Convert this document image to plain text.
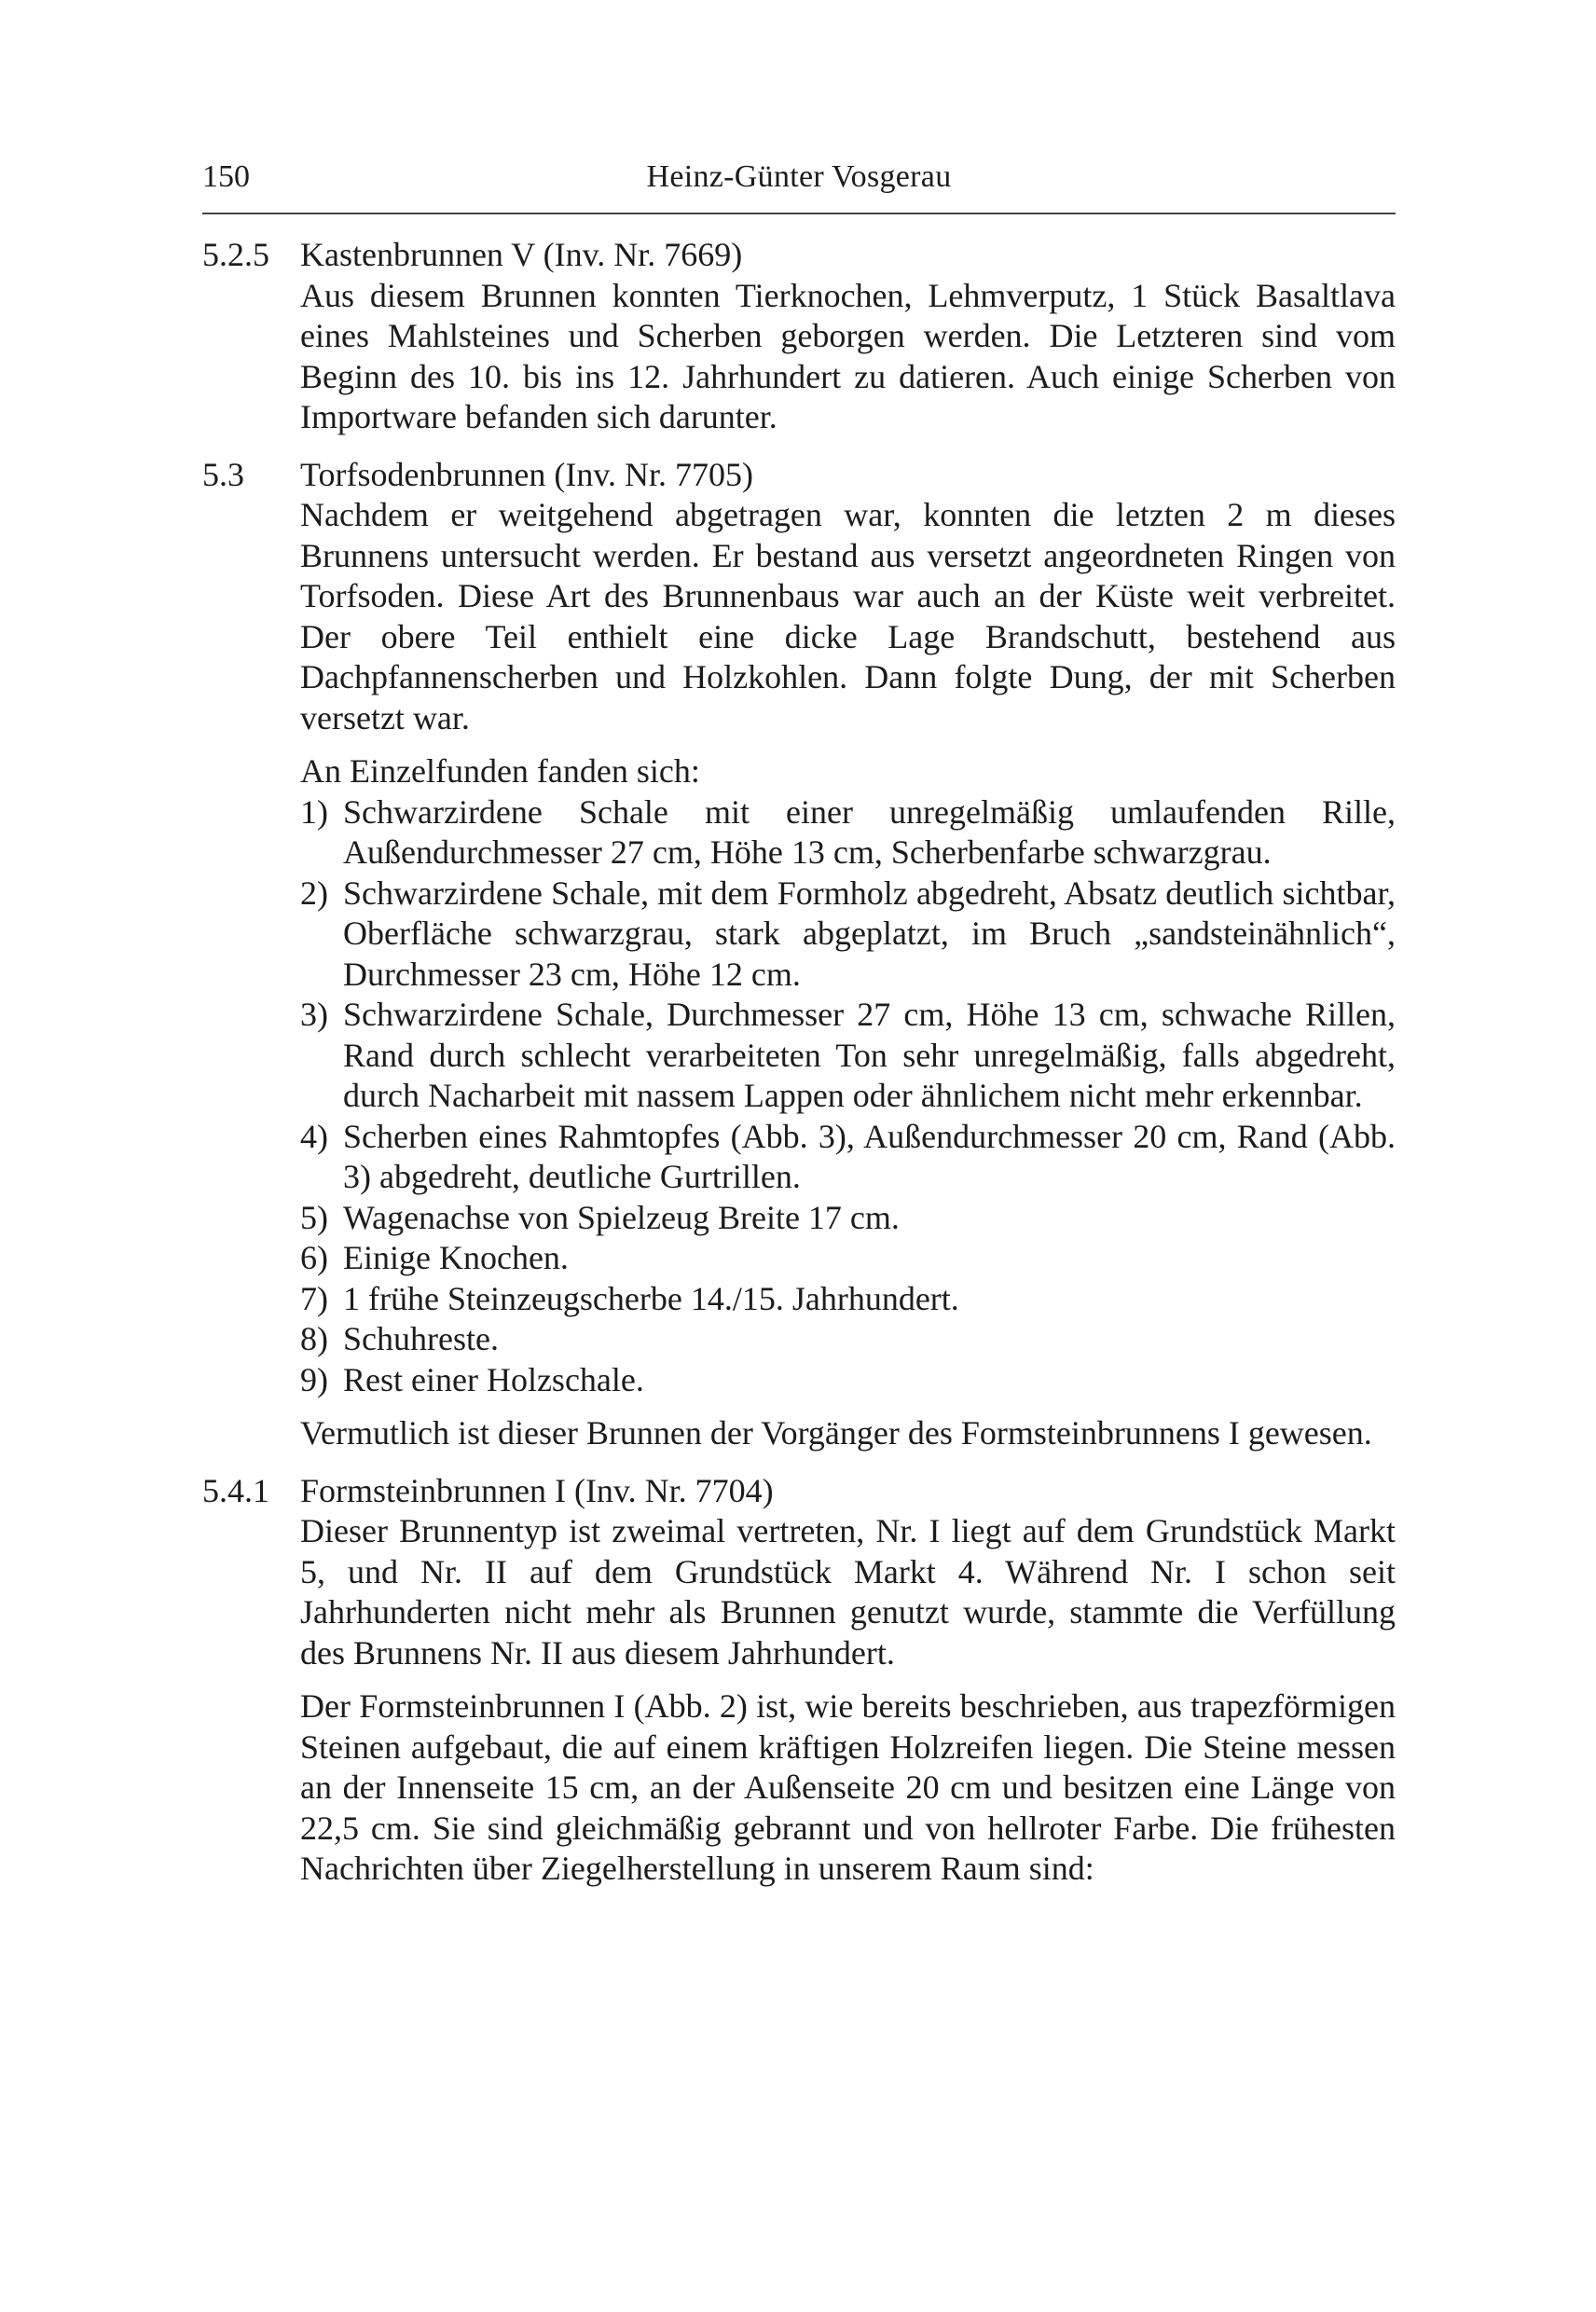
150	Heinz-Günter Vosgerau
5.2.5 Kastenbrunnen V (Inv. Nr. 7669)
Aus diesem Brunnen konnten Tierknochen, Lehmverputz, 1 Stück Basaltlava eines Mahlsteines und Scherben geborgen werden. Die Letzteren sind vom Beginn des 10. bis ins 12. Jahrhundert zu datieren. Auch einige Scherben von Importware befanden sich darunter.
5.3 Torfsodenbrunnen (Inv. Nr. 7705)
Nachdem er weitgehend abgetragen war, konnten die letzten 2 m dieses Brunnens untersucht werden. Er bestand aus versetzt angeordneten Ringen von Torfsoden. Diese Art des Brunnenbaus war auch an der Küste weit verbreitet. Der obere Teil enthielt eine dicke Lage Brandschutt, bestehend aus Dachpfannenscherben und Holzkohlen. Dann folgte Dung, der mit Scherben versetzt war.
An Einzelfunden fanden sich:
1) Schwarzirdene Schale mit einer unregelmäßig umlaufenden Rille, Außendurchmesser 27 cm, Höhe 13 cm, Scherbenfarbe schwarzgrau.
2) Schwarzirdene Schale, mit dem Formholz abgedreht, Absatz deutlich sichtbar, Oberfläche schwarzgrau, stark abgeplatzt, im Bruch „sandsteinähnlich“, Durchmesser 23 cm, Höhe 12 cm.
3) Schwarzirdene Schale, Durchmesser 27 cm, Höhe 13 cm, schwache Rillen, Rand durch schlecht verarbeiteten Ton sehr unregelmäßig, falls abgedreht, durch Nacharbeit mit nassem Lappen oder ähnlichem nicht mehr erkennbar.
4) Scherben eines Rahmtopfes (Abb. 3), Außendurchmesser 20 cm, Rand (Abb. 3) abgedreht, deutliche Gurtrillen.
5) Wagenachse von Spielzeug Breite 17 cm.
6) Einige Knochen.
7) 1 frühe Steinzeugscherbe 14./15. Jahrhundert.
8) Schuhreste.
9) Rest einer Holzschale.
Vermutlich ist dieser Brunnen der Vorgänger des Formsteinbrunnens I gewesen.
5.4.1 Formsteinbrunnen I (Inv. Nr. 7704)
Dieser Brunnentyp ist zweimal vertreten, Nr. I liegt auf dem Grundstück Markt 5, und Nr. II auf dem Grundstück Markt 4. Während Nr. I schon seit Jahrhunderten nicht mehr als Brunnen genutzt wurde, stammte die Verfüllung des Brunnens Nr. II aus diesem Jahrhundert.
Der Formsteinbrunnen I (Abb. 2) ist, wie bereits beschrieben, aus trapezförmigen Steinen aufgebaut, die auf einem kräftigen Holzreifen liegen. Die Steine messen an der Innenseite 15 cm, an der Außenseite 20 cm und besitzen eine Länge von 22,5 cm. Sie sind gleichmäßig gebrannt und von hellroter Farbe. Die frühesten Nachrichten über Ziegelherstellung in unserem Raum sind:
